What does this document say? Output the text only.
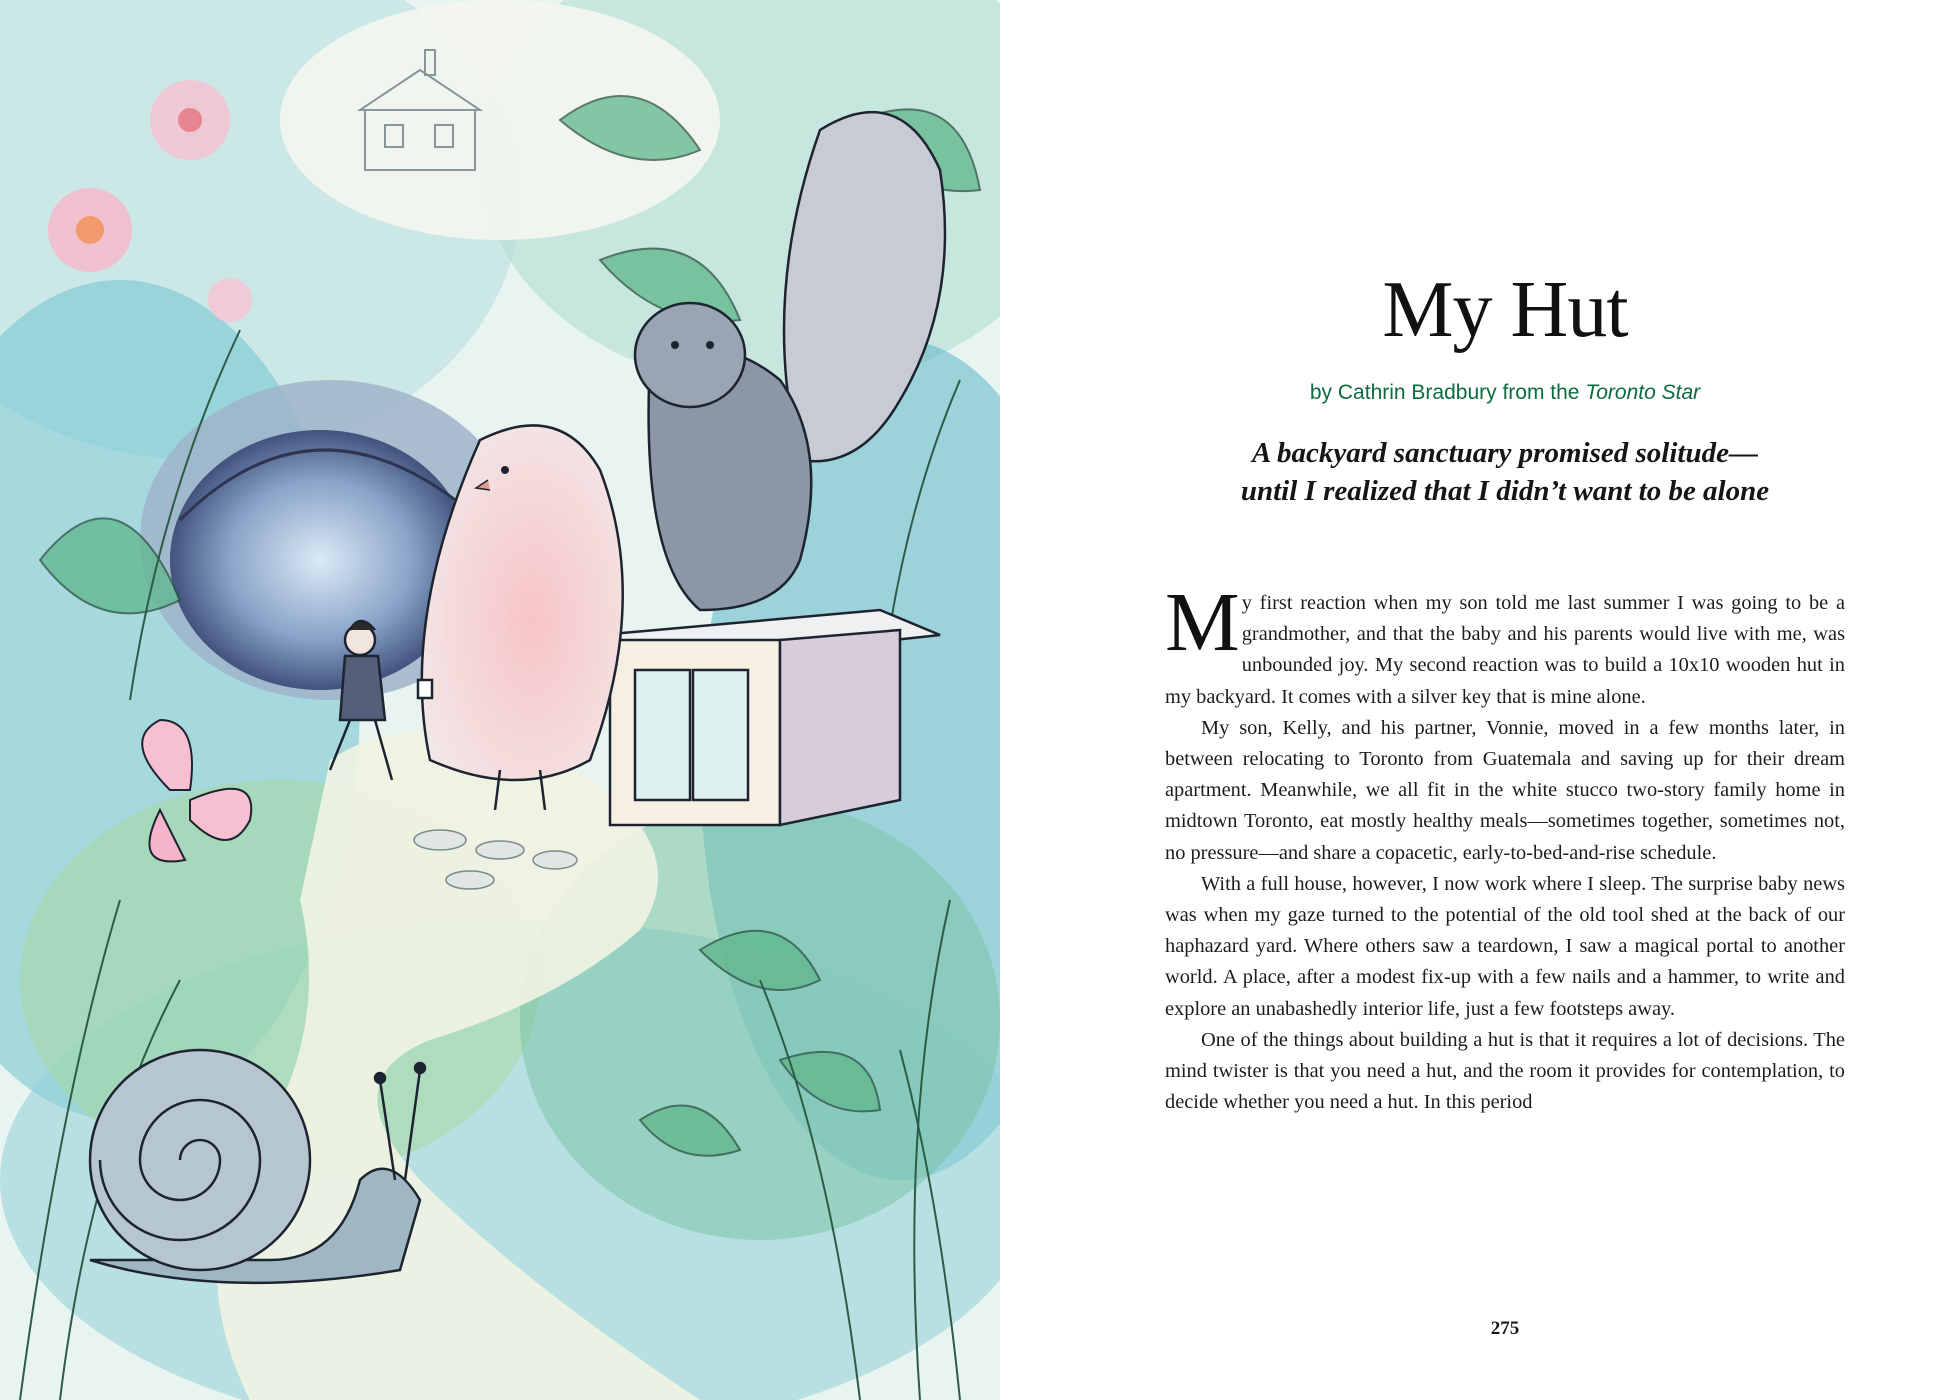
My Hut

by Cathrin Bradbury from the Toronto Star

A backyard sanctuary promised solitude—
until I realized that I didn’t want to be alone

My first reaction when my son told me last summer I was going to be a grandmother, and that the baby and his parents would live with me, was unbounded joy. My second reaction was to build a 10x10 wooden hut in my backyard. It comes with a silver key that is mine alone.

My son, Kelly, and his partner, Vonnie, moved in a few months later, in between relocating to Toronto from Guatemala and saving up for their dream apartment. Meanwhile, we all fit in the white stucco two-story family home in midtown Toronto, eat mostly healthy meals—sometimes together, sometimes not, no pressure—and share a copacetic, early-to-bed-and-rise schedule.

With a full house, however, I now work where I sleep. The surprise baby news was when my gaze turned to the potential of the old tool shed at the back of our haphazard yard. Where others saw a teardown, I saw a magical portal to another world. A place, after a modest fix-up with a few nails and a hammer, to write and explore an unabashedly interior life, just a few footsteps away.

One of the things about building a hut is that it requires a lot of decisions. The mind twister is that you need a hut, and the room it provides for contemplation, to decide whether you need a hut. In this period

275
